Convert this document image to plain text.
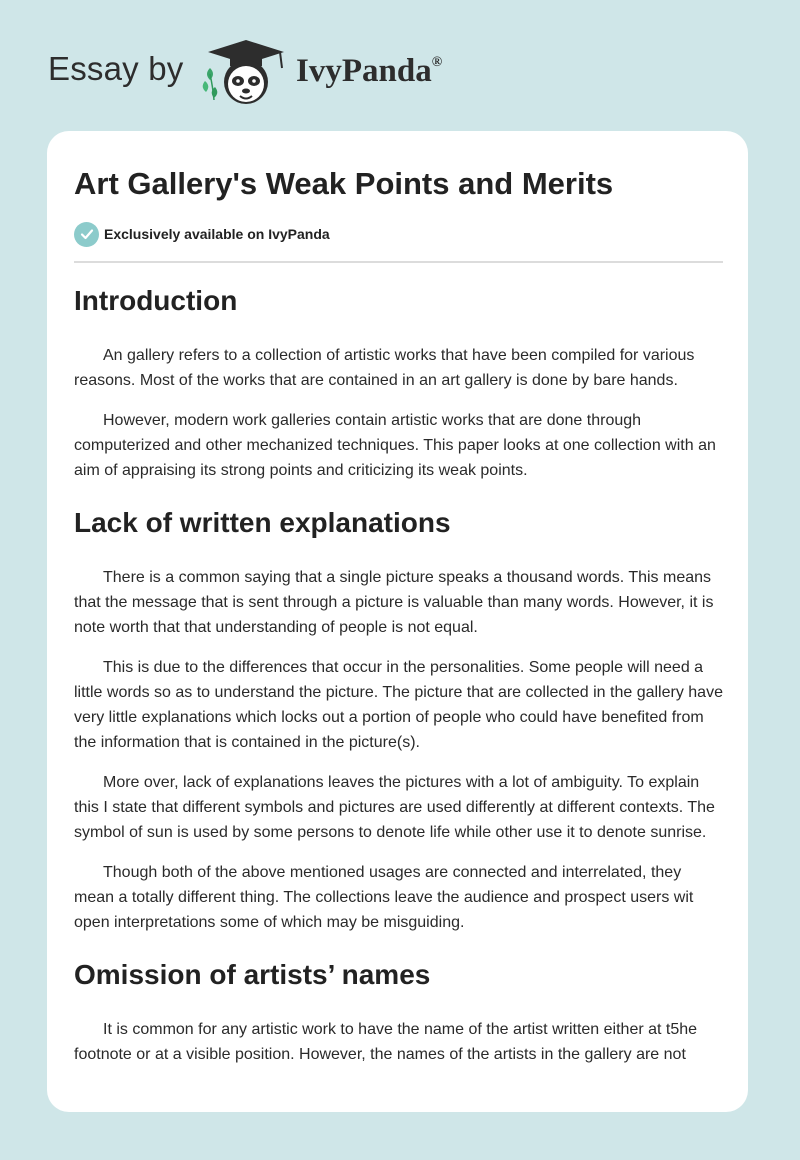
Essay by	IvyPanda®
Art Gallery's Weak Points and Merits
Exclusively available on IvyPanda
Introduction

An gallery refers to a collection of artistic works that have been compiled for various reasons. Most of the works that are contained in an art gallery is done by bare hands.

However, modern work galleries contain artistic works that are done through computerized and other mechanized techniques. This paper looks at one collection with an aim of appraising its strong points and criticizing its weak points.

Lack of written explanations

There is a common saying that a single picture speaks a thousand words. This means that the message that is sent through a picture is valuable than many words. However, it is note worth that that understanding of people is not equal.

This is due to the differences that occur in the personalities. Some people will need a little words so as to understand the picture. The picture that are collected in the gallery have very little explanations which locks out a portion of people who could have benefited from the information that is contained in the picture(s).

More over, lack of explanations leaves the pictures with a lot of ambiguity. To explain this I state that different symbols and pictures are used differently at different contexts. The symbol of sun is used by some persons to denote life while other use it to denote sunrise.

Though both of the above mentioned usages are connected and interrelated, they mean a totally different thing. The collections leave the audience and prospect users wit open interpretations some of which may be misguiding.

Omission of artists’ names

It is common for any artistic work to have the name of the artist written either at t5he footnote or at a visible position. However, the names of the artists in the gallery are not
